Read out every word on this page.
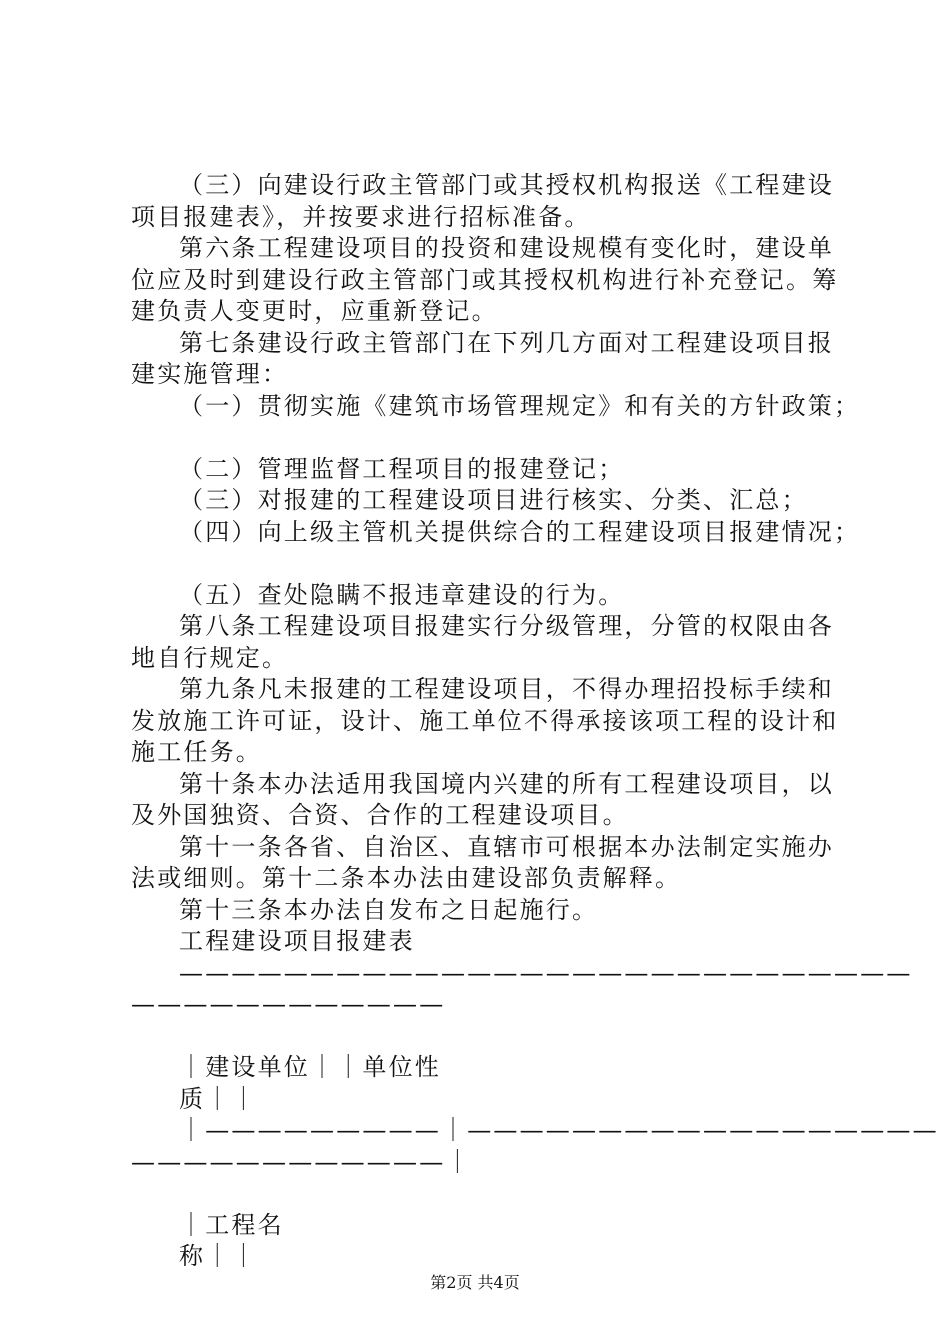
（三）向建设行政主管部门或其授权机构报送《工程建设
项目报建表》，并按要求进行招标准备。
第六条工程建设项目的投资和建设规模有变化时，建设单
位应及时到建设行政主管部门或其授权机构进行补充登记。筹
建负责人变更时，应重新登记。
第七条建设行政主管部门在下列几方面对工程建设项目报
建实施管理：
（一）贯彻实施《建筑市场管理规定》和有关的方针政策；
（二）管理监督工程项目的报建登记；
（三）对报建的工程建设项目进行核实、分类、汇总；
（四）向上级主管机关提供综合的工程建设项目报建情况；
（五）查处隐瞒不报违章建设的行为。
第八条工程建设项目报建实行分级管理，分管的权限由各
地自行规定。
第九条凡未报建的工程建设项目，不得办理招投标手续和
发放施工许可证，设计、施工单位不得承接该项工程的设计和
施工任务。
第十条本办法适用我国境内兴建的所有工程建设项目，以
及外国独资、合资、合作的工程建设项目。
第十一条各省、自治区、直辖市可根据本办法制定实施办
法或细则。第十二条本办法由建设部负责解释。
第十三条本办法自发布之日起施行。
工程建设项目报建表
————————————————————————————
————————————
｜建设单位｜｜单位性
质｜｜
｜—————————｜——————————————————
————————————｜
｜工程名
称｜｜
第2页 共4页
